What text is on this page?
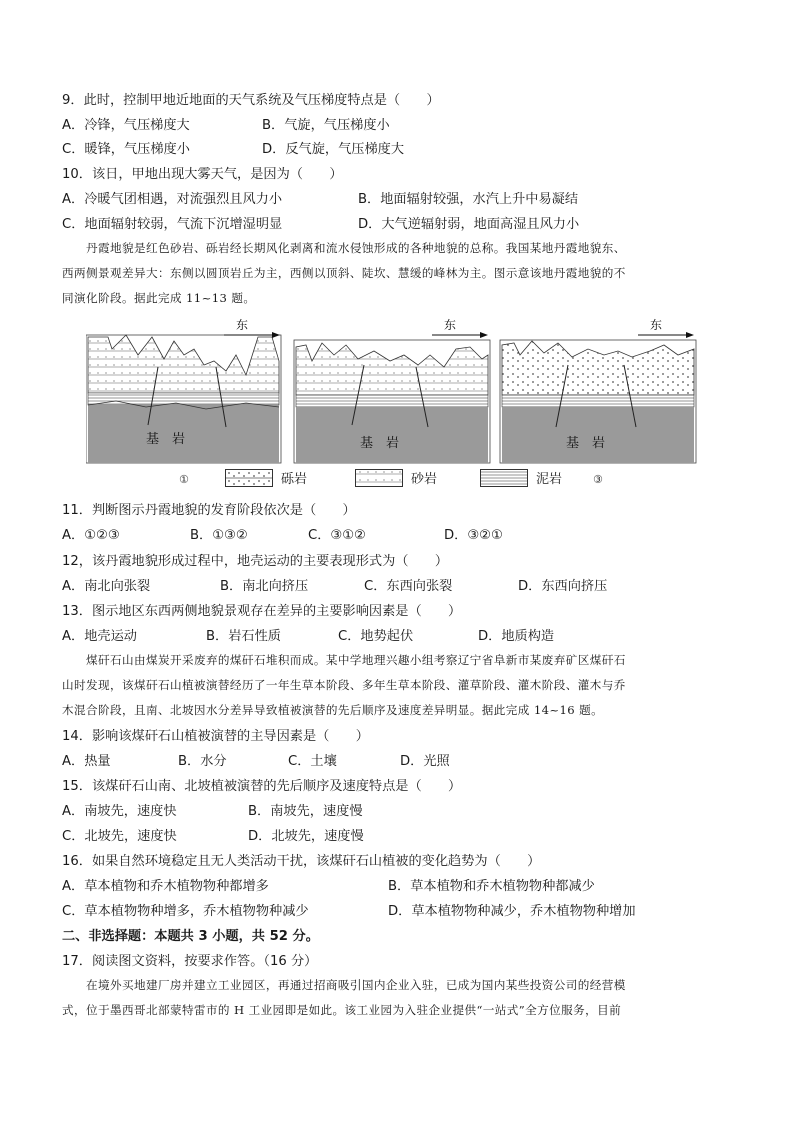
9．此时，控制甲地近地面的天气系统及气压梯度特点是（　　）
A．冷锋，气压梯度大	B．气旋，气压梯度小
C．暖锋，气压梯度小	D．反气旋，气压梯度大
10．该日，甲地出现大雾天气，是因为（　　）
A．冷暖气团相遇，对流强烈且风力小	B．地面辐射较强，水汽上升中易凝结
C．地面辐射较弱，气流下沉增湿明显	D．大气逆辐射弱，地面高湿且风力小
丹霞地貌是红色砂岩、砾岩经长期风化剥离和流水侵蚀形成的各种地貌的总称。我国某地丹霞地貌东、
西两侧景观差异大：东侧以圆顶岩丘为主，西侧以顶斜、陡坎、慧缓的峰林为主。图示意该地丹霞地貌的不
同演化阶段。据此完成 11~13 题。
基　岩
①
东
基　岩
东
基　岩
③
东
砾岩	砂岩	泥岩
11．判断图示丹霞地貌的发育阶段依次是（　　）
A．①②③	B．①③②	C．③①②	D．③②①
12，该丹霞地貌形成过程中，地壳运动的主要表现形式为（　　）
A．南北向张裂	B．南北向挤压	C．东西向张裂	D．东西向挤压
13．图示地区东西两侧地貌景观存在差异的主要影响因素是（　　）
A．地壳运动	B．岩石性质	C．地势起伏	D．地质构造
煤矸石山由煤炭开采废弃的煤矸石堆积而成。某中学地理兴趣小组考察辽宁省阜新市某废弃矿区煤矸石
山时发现，该煤矸石山植被演替经历了一年生草本阶段、多年生草本阶段、灌草阶段、灌木阶段、灌木与乔
木混合阶段，且南、北坡因水分差异导致植被演替的先后顺序及速度差异明显。据此完成 14~16 题。
14．影响该煤矸石山植被演替的主导因素是（　　）
A．热量	B．水分	C．土壤	D．光照
15．该煤矸石山南、北坡植被演替的先后顺序及速度特点是（　　）
A．南坡先，速度快	B．南坡先，速度慢
C．北坡先，速度快	D．北坡先，速度慢
16．如果自然环境稳定且无人类活动干扰，该煤矸石山植被的变化趋势为（　　）
A．草本植物和乔木植物物种都增多	B．草本植物和乔木植物物种都减少
C．草本植物物种增多，乔木植物物种减少	D．草本植物物种减少，乔木植物物种增加
二、非选择题：本题共 3 小题，共 52 分。
17．阅读图文资料，按要求作答。（16 分）
在境外买地建厂房并建立工业园区，再通过招商吸引国内企业入驻，已成为国内某些投资公司的经营模
式，位于墨西哥北部蒙特雷市的 H 工业园即是如此。该工业园为入驻企业提供“一站式”全方位服务，目前
